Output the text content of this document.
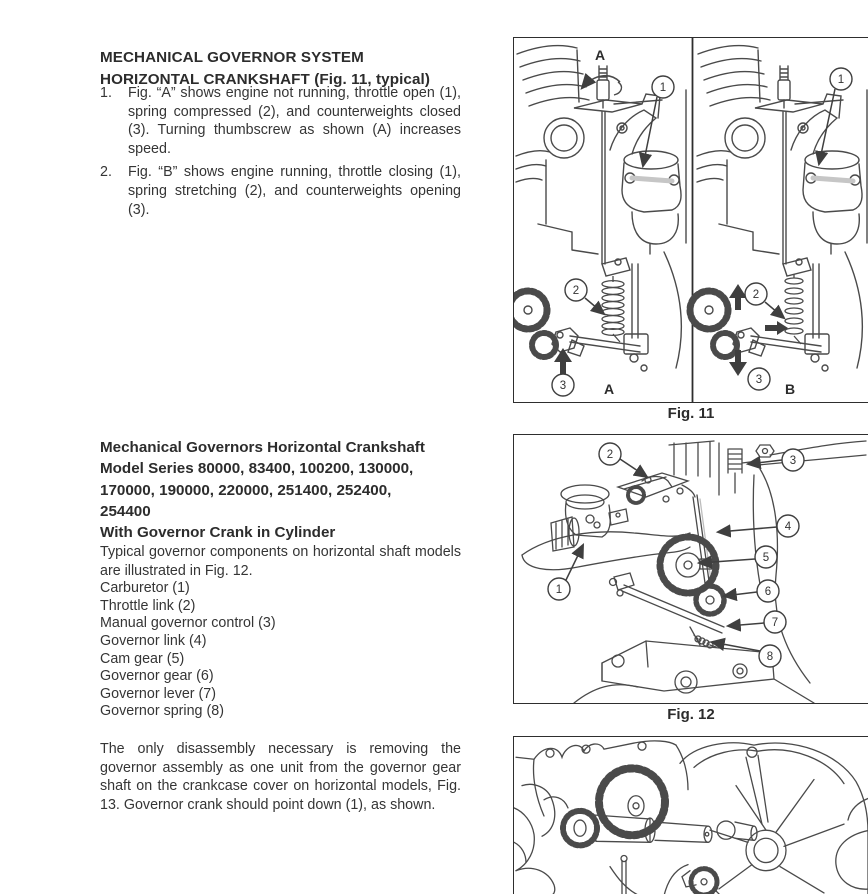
MECHANICAL GOVERNOR SYSTEM
HORIZONTAL CRANKSHAFT (Fig. 11, typical)
1.	Fig. “A” shows engine not running, throttle open (1), spring compressed (2), and counterweights closed (3). Turning thumbscrew as shown (A) increases speed.

2.	Fig. “B” shows engine running, throttle closing (1), spring stretching (2), and counterweights opening (3).

Mechanical Governors Horizontal Crankshaft
Model Series 80000, 83400, 100200, 130000,
170000, 190000, 220000, 251400, 252400,
254400
With Governor Crank in Cylinder

Typical governor components on horizontal shaft models are illustrated in Fig. 12.

Carburetor (1)
Throttle link (2)
Manual governor control (3)
Governor link (4)
Cam gear (5)
Governor gear (6)
Governor lever (7)
Governor spring (8)

The only disassembly necessary is removing the governor assembly as one unit from the governor gear shaft on the crankcase cover on horizontal models, Fig. 13. Governor crank should point down (1), as shown.

A
1
2
3	A
1
2
3
B
Fig. 11
1
2	3
4
5
6
7
8
Fig. 12
